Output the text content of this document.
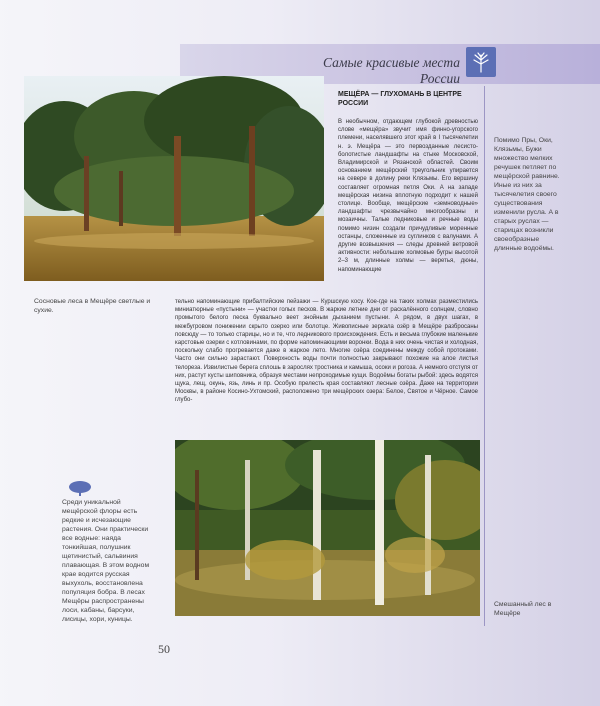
Самые красивые места России
Сосновые леса в Мещёре светлые и сухие.
МЕЩЁРА — ГЛУХОМАНЬ В ЦЕНТРЕ РОССИИ
В необычном, отдающем глубокой древностью слове «мещёра» звучит имя финно-угорского племени, населявшего этот край в I тысячелетии н. э. Мещёра — это первозданные лесисто-болотистые ландшафты на стыке Московской, Владимирской и Рязанской областей. Своим основанием мещёрский треугольник упирается на севере в долину реки Клязьмы. Его вершину составляет огромная петля Оки. А на западе мещёрская низина вплотную подходит к нашей столице. Вообще, мещёрские «земноводные» ландшафты чрезвычайно многообразны и мозаичны. Талые ледниковые и речные воды помимо низин создали причудливые моренные останцы, сложенные из суглинков с валунами. А другие возвышения — следы древней ветровой активности: небольшие холмовые бугры высотой 2–3 м, длинные холмы — веретья, дюны, напоминающие
тельно напоминающие прибалтийские пейзажи — Куршскую косу. Кое-где на таких холмах разместились миниатюрные «пустыни» — участки голых песков. В жаркие летние дни от раскалённого солнцем, словно промытого белого песка буквально веет знойным дыханием пустыни. А рядом, в двух шагах, в межбугровом понижении скрыто озерко или болотце. Живописные зеркала озёр в Мещёре разбросаны повсюду — то только старицы, но и те, что ледникового происхождения. Есть и весьма глубокие маленькие карстовые озерки с котловинами, по форме напоминающими воронки. Вода в них очень чистая и холодная, поскольку слабо прогревается даже в жаркое лето. Многие озёра соединены между собой протоками. Часто они сильно зарастают. Поверхность воды почти полностью закрывают похожие на алое листья телореза. Извилистые берега сплошь в зарослях тростника и камыша, осоки и рогоза. А немного отступя от них, растут кусты шиповника, образуя местами непроходимые кущи. Водоёмы богаты рыбой: здесь водятся щука, лещ, окунь, язь, линь и пр. Особую прелесть края составляют лесные озёра. Даже на территории Москвы, в районе Косино-Ухтомский, расположено три мещёрских озера: Белое, Святое и Чёрное. Самое глубо-
Помимо Пры, Оки, Клязьмы, Бужи множество мелких речушек петляет по мещёрской равнине. Иные из них за тысячелетия своего существования изменили русла. А в старых руслах — старицах возникли своеобразные длинные водоёмы.
Среди уникальной мещёрской флоры есть редкие и исчезающие растения. Они практически все водные: наяда тонкийшая, полушник щетинистый, сальвиния плавающая. В этом водном крае водится русская выхухоль, восстановлена популяция бобра. В лесах Мещёры распространены лоси, кабаны, барсуки, лисицы, хори, куницы.
Смешанный лес в Мещёре
50
